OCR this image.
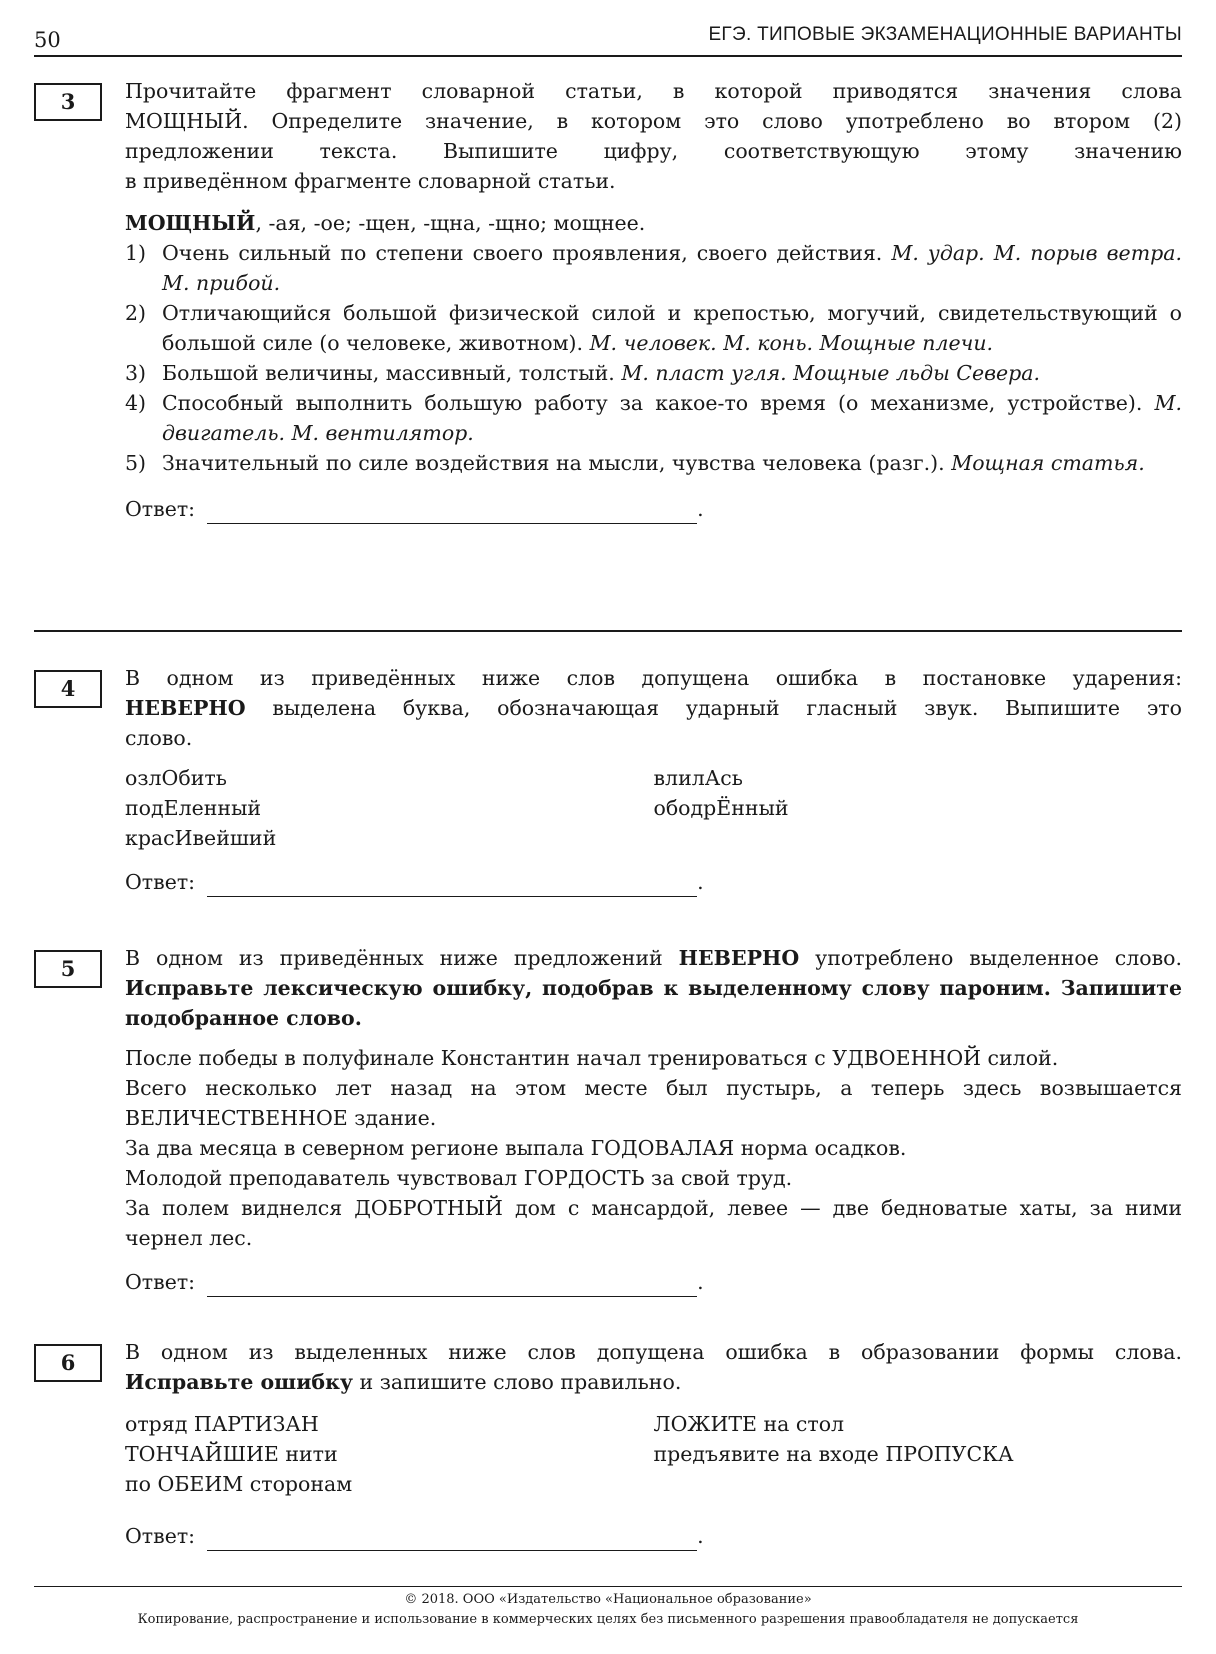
50	ЕГЭ. ТИПОВЫЕ ЭКЗАМЕНАЦИОННЫЕ ВАРИАНТЫ
3	Прочитайте фрагмент словарной статьи, в которой приводятся значения слова

МОЩНЫЙ. Определите значение, в котором это слово употреблено во втором (2)

предложении текста. Выпишите цифру, соответствующую этому значению

в приведённом фрагменте словарной статьи.

МОЩНЫЙ, -ая, -ое; -щен, -щна, -щно; мощнее.

1) Очень сильный по степени своего проявления, своего действия. М. удар. М. порыв ветра. М. прибой.
2) Отличающийся большой физической силой и крепостью, могучий, свидетельствующий о большой силе (о человеке, животном). М. человек. М. конь. Мощные плечи.
3) Большой величины, массивный, толстый. М. пласт угля. Мощные льды Севера.
4) Способный выполнить большую работу за какое-то время (о механизме, устройстве). М. двигатель. М. вентилятор.
5) Значительный по силе воздействия на мысли, чувства человека (разг.). Мощная статья.
Ответ:	.
4	В одном из приведённых ниже слов допущена ошибка в постановке ударения:

НЕВЕРНО выделена буква, обозначающая ударный гласный звук. Выпишите это

слово.

озлОбить

подЕленный

красИвейший

влилАсь

ободрЁнный

Ответ:	.
5	В одном из приведённых ниже предложений НЕВЕРНО употреблено выделенное слово. Исправьте лексическую ошибку, подобрав к выделенному слову пароним. Запишите подобранное слово.

После победы в полуфинале Константин начал тренироваться с УДВОЕННОЙ силой.

Всего несколько лет назад на этом месте был пустырь, а теперь здесь возвышается ВЕЛИЧЕСТВЕННОЕ здание.

За два месяца в северном регионе выпала ГОДОВАЛАЯ норма осадков.

Молодой преподаватель чувствовал ГОРДОСТЬ за свой труд.

За полем виднелся ДОБРОТНЫЙ дом с мансардой, левее — две бедноватые хаты, за ними чернел лес.

Ответ:	.
6	В одном из выделенных ниже слов допущена ошибка в образовании формы слова.

Исправьте ошибку и запишите слово правильно.

отряд ПАРТИЗАН

ТОНЧАЙШИЕ нити

по ОБЕИМ сторонам

ЛОЖИТЕ на стол

предъявите на входе ПРОПУСКА

Ответ:	.
© 2018. ООО «Издательство «Национальное образование»
Копирование, распространение и использование в коммерческих целях без письменного разрешения правообладателя не допускается
